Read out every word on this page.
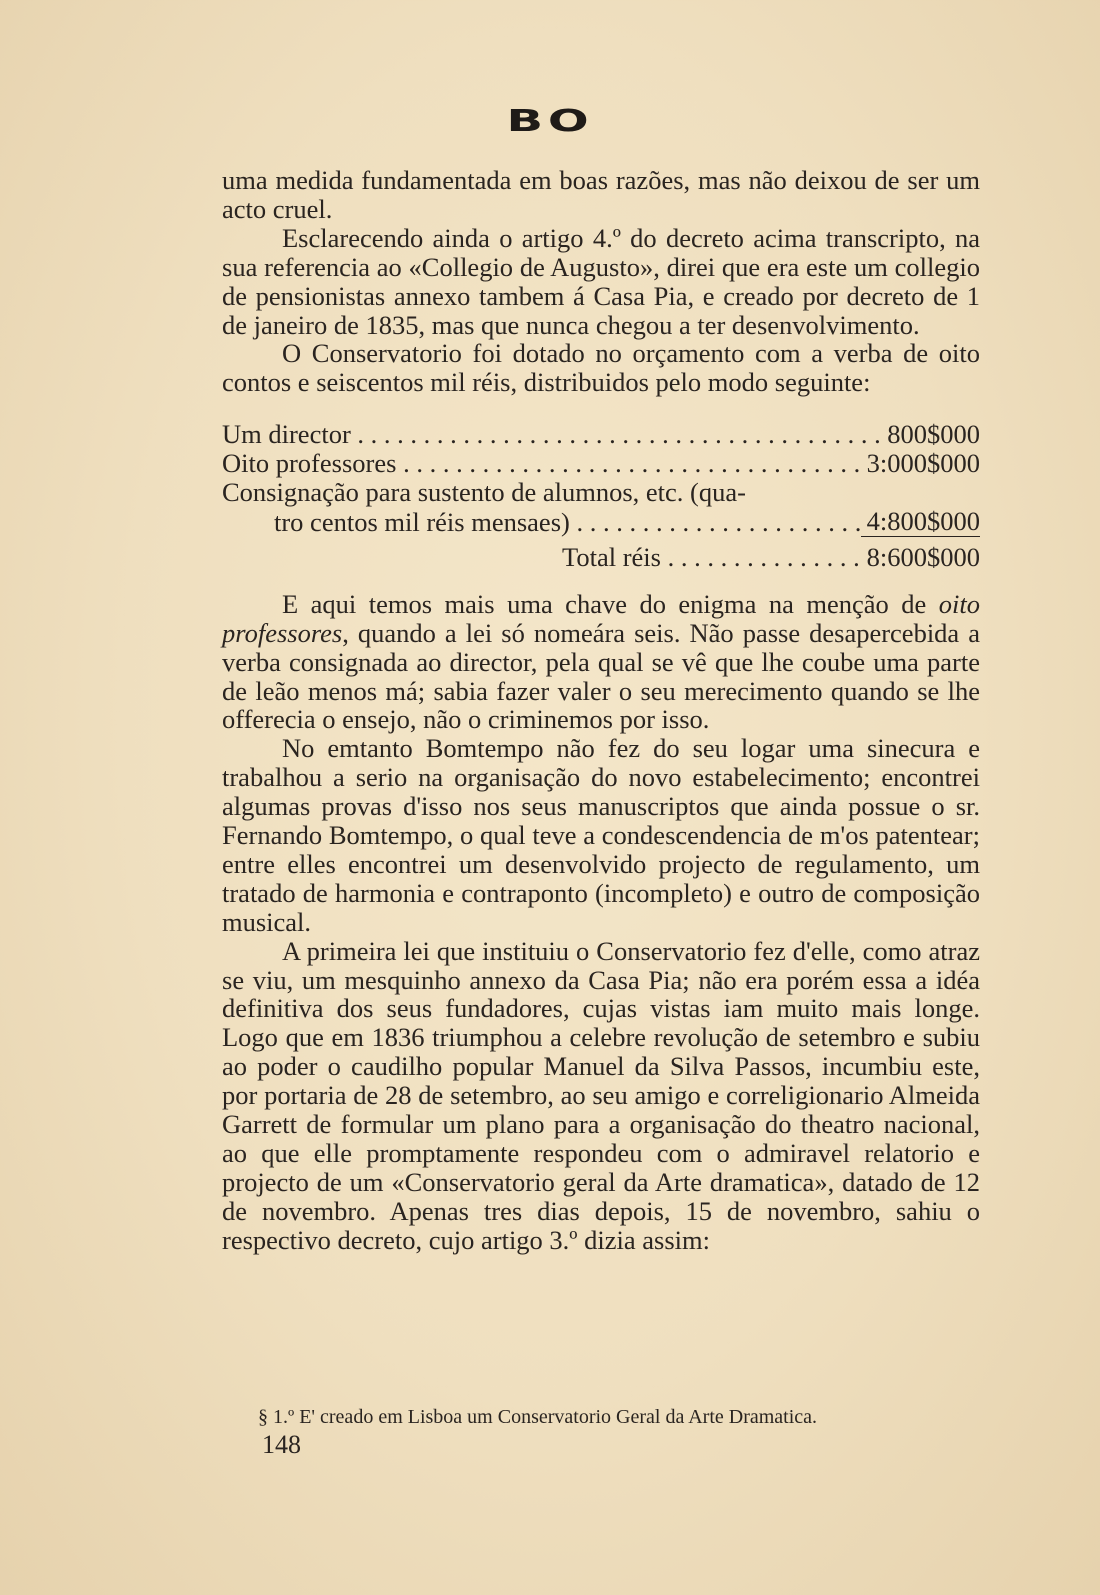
BO

uma medida fundamentada em boas razões, mas não deixou de ser um acto cruel.

Esclarecendo ainda o artigo 4.º do decreto acima transcripto, na sua referencia ao «Collegio de Augusto», direi que era este um collegio de pensionistas annexo tambem á Casa Pia, e creado por decreto de 1 de janeiro de 1835, mas que nunca chegou a ter desenvolvimento.

O Conservatorio foi dotado no orçamento com a verba de oito contos e seiscentos mil réis, distribuidos pelo modo seguinte:

Um director . . .	800$000
Oito professores . . .	3:000$000
Consignação para sustento de alumnos, etc. (qua-
tro centos mil réis mensaes) . . .	4:800$000
Total réis . . .	8:600$000

E aqui temos mais uma chave do enigma na menção de oito professores, quando a lei só nomeára seis. Não passe desapercebida a verba consignada ao director, pela qual se vê que lhe coube uma parte de leão menos má; sabia fazer valer o seu merecimento quando se lhe offerecia o ensejo, não o criminemos por isso.

No emtanto Bomtempo não fez do seu logar uma sinecura e trabalhou a serio na organisação do novo estabelecimento; encontrei algumas provas d'isso nos seus manuscriptos que ainda possue o sr. Fernando Bomtempo, o qual teve a condescendencia de m'os patentear; entre elles encontrei um desenvolvido projecto de regulamento, um tratado de harmonia e contraponto (incompleto) e outro de composição musical.

A primeira lei que instituiu o Conservatorio fez d'elle, como atraz se viu, um mesquinho annexo da Casa Pia; não era porém essa a idéa definitiva dos seus fundadores, cujas vistas iam muito mais longe. Logo que em 1836 triumphou a celebre revolução de setembro e subiu ao poder o caudilho popular Manuel da Silva Passos, incumbiu este, por portaria de 28 de setembro, ao seu amigo e correligionario Almeida Garrett de formular um plano para a organisação do theatro nacional, ao que elle promptamente respondeu com o admiravel relatorio e projecto de um «Conservatorio geral da Arte dramatica», datado de 12 de novembro. Apenas tres dias depois, 15 de novembro, sahiu o respectivo decreto, cujo artigo 3.º dizia assim:

§ 1.º E' creado em Lisboa um Conservatorio Geral da Arte Dramatica.

148
